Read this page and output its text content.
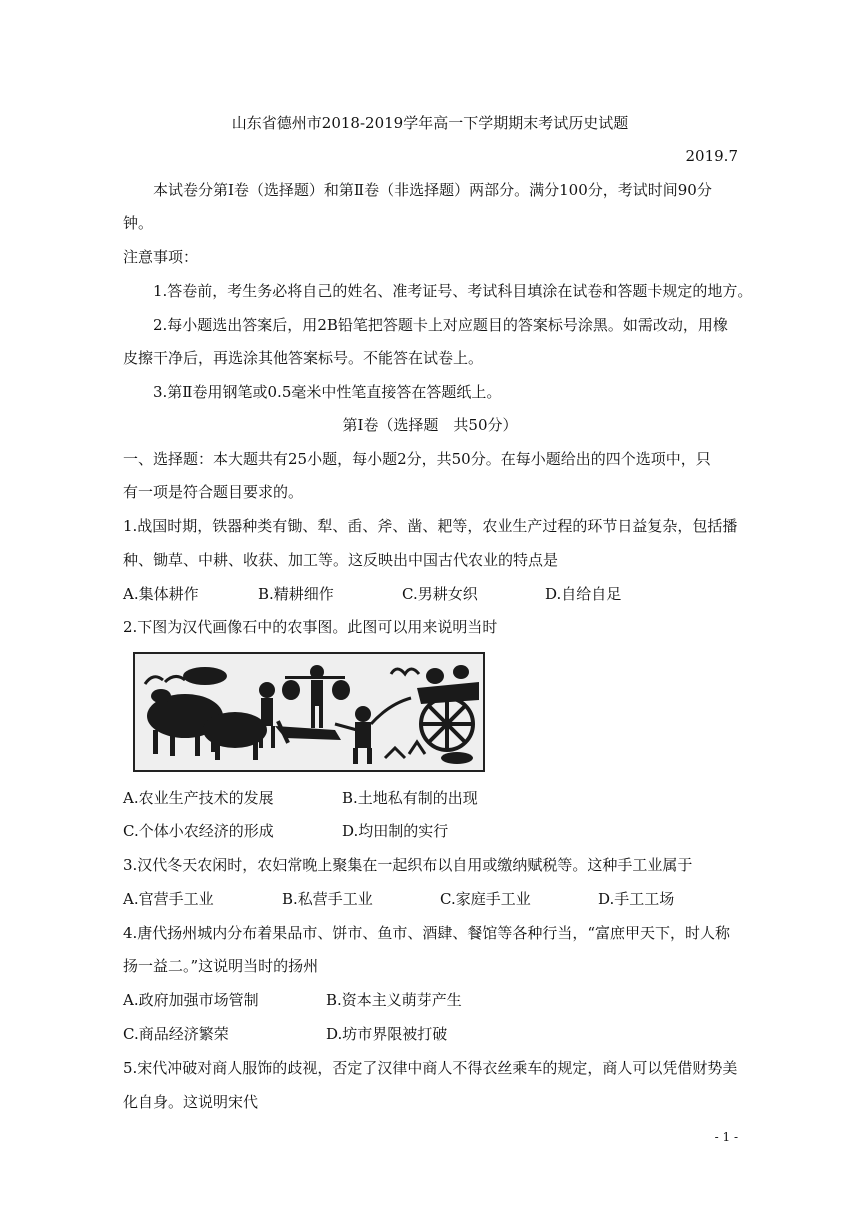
山东省德州市2018-2019学年高一下学期期末考试历史试题
2019.7
本试卷分第Ⅰ卷（选择题）和第Ⅱ卷（非选择题）两部分。满分100分，考试时间90分
钟。
注意事项：
1.答卷前，考生务必将自己的姓名、准考证号、考试科目填涂在试卷和答题卡规定的地方。
2.每小题选出答案后，用2B铅笔把答题卡上对应题目的答案标号涂黑。如需改动，用橡
皮擦干净后，再选涂其他答案标号。不能答在试卷上。
3.第Ⅱ卷用钢笔或0.5毫米中性笔直接答在答题纸上。
第Ⅰ卷（选择题　共50分）
一、选择题：本大题共有25小题，每小题2分，共50分。在每小题给出的四个选项中，只
有一项是符合题目要求的。
1.战国时期，铁器种类有锄、犁、臿、斧、凿、耙等，农业生产过程的环节日益复杂，包括播
种、锄草、中耕、收获、加工等。这反映出中国古代农业的特点是
A.集体耕作	B.精耕细作	C.男耕女织	D.自给自足
2.下图为汉代画像石中的农事图。此图可以用来说明当时
A.农业生产技术的发展	B.土地私有制的出现
C.个体小农经济的形成	D.均田制的实行
3.汉代冬天农闲时，农妇常晚上聚集在一起织布以自用或缴纳赋税等。这种手工业属于
A.官营手工业	B.私营手工业	C.家庭手工业	D.手工工场
4.唐代扬州城内分布着果品市、饼市、鱼市、酒肆、餐馆等各种行当，“富庶甲天下，时人称
扬一益二。”这说明当时的扬州
A.政府加强市场管制	B.资本主义萌芽产生
C.商品经济繁荣	D.坊市界限被打破
5.宋代冲破对商人服饰的歧视，否定了汉律中商人不得衣丝乘车的规定，商人可以凭借财势美
化自身。这说明宋代
- 1 -
